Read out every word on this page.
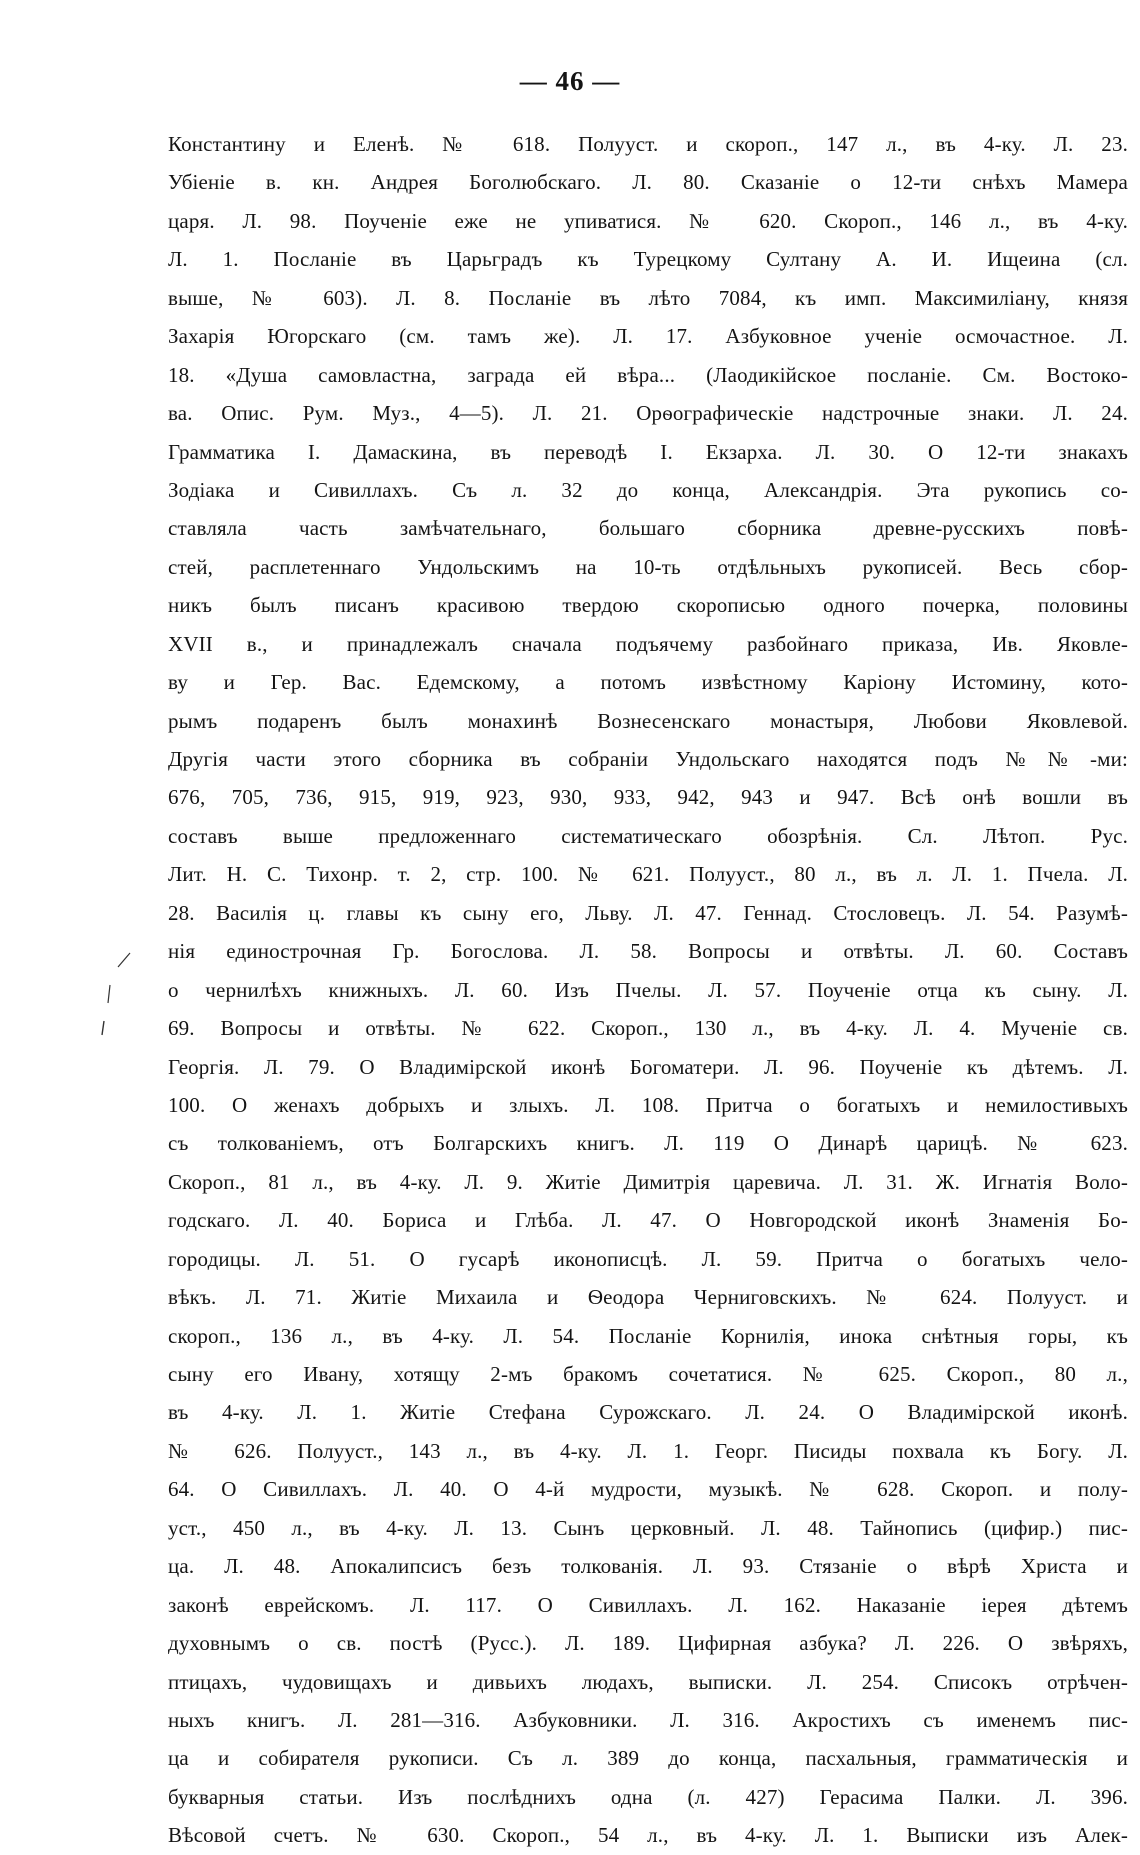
— 46 —
Константину и Еленѣ. № 618. Полууст. и скороп., 147 л., въ 4-ку. Л. 23.
Убіеніе в. кн. Андрея Боголюбскаго. Л. 80. Сказаніе о 12-ти снѣхъ Мамера
царя. Л. 98. Поученіе еже не упиватися. № 620. Скороп., 146 л., въ 4-ку.
Л. 1. Посланіе въ Царьградъ къ Турецкому Султану А. И. Ищеина (сл.
выше, № 603). Л. 8. Посланіе въ лѣто 7084, къ имп. Максимиліану, князя
Захарія Югорскаго (см. тамъ же). Л. 17. Азбуковное ученіе осмочастное. Л.
18. «Душа самовластна, заграда ей вѣра... (Лаодикійское посланіе. См. Востоко-
ва. Опис. Рум. Муз., 4—5). Л. 21. Орѳографическіе надстрочные знаки. Л. 24.
Грамматика І. Дамаскина, въ переводѣ І. Екзарха. Л. 30. О 12-ти знакахъ
Зодіака и Сивиллахъ. Съ л. 32 до конца, Александрія. Эта рукопись со-
ставляла часть замѣчательнаго, большаго сборника древне-русскихъ повѣ-
стей, расплетеннаго Ундольскимъ на 10-ть отдѣльныхъ рукописей. Весь сбор-
никъ былъ писанъ красивою твердою скорописью одного почерка, половины
XVII в., и принадлежалъ сначала подъячему разбойнаго приказа, Ив. Яковле-
ву и Гер. Вас. Едемскому, а потомъ извѣстному Каріону Истомину, кото-
рымъ подаренъ былъ монахинѣ Вознесенскаго монастыря, Любови Яковлевой.
Другія части этого сборника въ собраніи Ундольскаго находятся подъ №№-ми:
676, 705, 736, 915, 919, 923, 930, 933, 942, 943 и 947. Всѣ онѣ вошли въ
составъ выше предложеннаго систематическаго обозрѣнія. Сл. Лѣтоп. Рус.
Лит. Н. С. Тихонр. т. 2, стр. 100. № 621. Полууст., 80 л., въ л. Л. 1. Пчела. Л.
28. Василія ц. главы къ сыну его, Льву. Л. 47. Геннад. Стословецъ. Л. 54. Разумѣ-
нія единострочная Гр. Богослова. Л. 58. Вопросы и отвѣты. Л. 60. Составъ
о чернилѣхъ книжныхъ. Л. 60. Изъ Пчелы. Л. 57. Поученіе отца къ сыну. Л.
69. Вопросы и отвѣты. № 622. Скороп., 130 л., въ 4-ку. Л. 4. Мученіе св.
Георгія. Л. 79. О Владимірской иконѣ Богоматери. Л. 96. Поученіе къ дѣтемъ. Л.
100. О женахъ добрыхъ и злыхъ. Л. 108. Притча о богатыхъ и немилостивыхъ
съ толкованіемъ, отъ Болгарскихъ книгъ. Л. 119 О Динарѣ царицѣ. № 623.
Скороп., 81 л., въ 4-ку. Л. 9. Житіе Димитрія царевича. Л. 31. Ж. Игнатія Воло-
годскаго. Л. 40. Бориса и Глѣба. Л. 47. О Новгородской иконѣ Знаменія Бо-
городицы. Л. 51. О гусарѣ иконописцѣ. Л. 59. Притча о богатыхъ чело-
вѣкъ. Л. 71. Житіе Михаила и Ѳеодора Черниговскихъ. № 624. Полууст. и
скороп., 136 л., въ 4-ку. Л. 54. Посланіе Корнилія, инока снѣтныя горы, къ
сыну его Ивану, хотящу 2-мъ бракомъ сочетатися. № 625. Скороп., 80 л.,
въ 4-ку. Л. 1. Житіе Стефана Сурожскаго. Л. 24. О Владимірской иконѣ.
№ 626. Полууст., 143 л., въ 4-ку. Л. 1. Георг. Писиды похвала къ Богу. Л.
64. О Сивиллахъ. Л. 40. О 4-й мудрости, музыкѣ. № 628. Скороп. и полу-
уст., 450 л., въ 4-ку. Л. 13. Сынъ церковный. Л. 48. Тайнопись (цифир.) пис-
ца. Л. 48. Апокалипсисъ безъ толкованія. Л. 93. Стязаніе о вѣрѣ Христа и
законѣ еврейскомъ. Л. 117. О Сивиллахъ. Л. 162. Наказаніе іерея дѣтемъ
духовнымъ о св. постѣ (Русс.). Л. 189. Цифирная азбука? Л. 226. О звѣряхъ,
птицахъ, чудовищахъ и дивьихъ людахъ, выписки. Л. 254. Списокъ отрѣчен-
ныхъ книгъ. Л. 281—316. Азбуковники. Л. 316. Акростихъ съ именемъ пис-
ца и собирателя рукописи. Съ л. 389 до конца, пасхальныя, грамматическія и
букварныя статьи. Изъ послѣднихъ одна (л. 427) Герасима Палки. Л. 396.
Вѣсовой счетъ. № 630. Скороп., 54 л., въ 4-ку. Л. 1. Выписки изъ Алек-
